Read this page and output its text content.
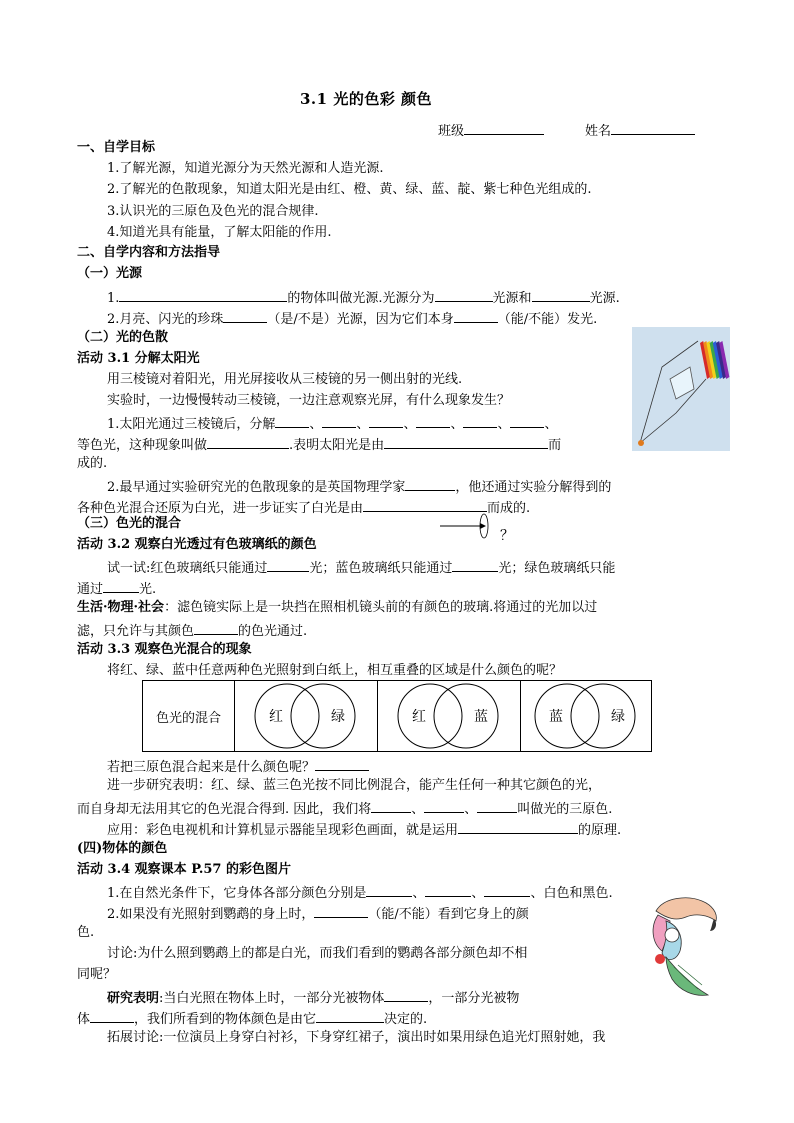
3.1 光的色彩 颜色
班级	姓名
一、自学目标
1.了解光源，知道光源分为天然光源和人造光源.
2.了解光的色散现象，知道太阳光是由红、橙、黄、绿、蓝、靛、紫七种色光组成的.
3.认识光的三原色及色光的混合规律.
4.知道光具有能量，了解太阳能的作用.
二、自学内容和方法指导
（一）光源
1.	的物体叫做光源.光源分为	光源和	光源.
2.月亮、闪光的珍珠	（是/不是）光源，因为它们本身	（能/不能）发光.
（二）光的色散
活动 3.1 分解太阳光
用三棱镜对着阳光，用光屏接收从三棱镜的另一侧出射的光线.
实验时，一边慢慢转动三棱镜，一边注意观察光屏，有什么现象发生？
1.太阳光通过三棱镜后，分解	、	、	、	、	、	、
等色光，这种现象叫做	.表明太阳光是由	而
成的.
2.最早通过实验研究光的色散现象的是英国物理学家	，他还通过实验分解得到的
各种色光混合还原为白光，进一步证实了白光是由	而成的.
（三）色光的混合
？
活动 3.2 观察白光透过有色玻璃纸的颜色
试一试:红色玻璃纸只能通过	光；蓝色玻璃纸只能通过	光；绿色玻璃纸只能
通过	光.
生活·物理·社会：滤色镜实际上是一块挡在照相机镜头前的有颜色的玻璃.将通过的光加以过
滤，只允许与其颜色	的色光通过.
活动 3.3 观察色光混合的现象
将红、绿、蓝中任意两种色光照射到白纸上，相互重叠的区域是什么颜色的呢？
色光的混合	红	绿	红	蓝	蓝	绿
若把三原色混合起来是什么颜色呢？
进一步研究表明：红、绿、蓝三色光按不同比例混合，能产生任何一种其它颜色的光，
而自身却无法用其它的色光混合得到. 因此，我们将	、	、	叫做光的三原色.
应用：彩色电视机和计算机显示器能呈现彩色画面，就是运用	的原理.
(四)物体的颜色
活动 3.4 观察课本 P.57 的彩色图片
1.在自然光条件下，它身体各部分颜色分别是	、	、	、白色和黑色.
2.如果没有光照射到鹦鹉的身上时，	（能/不能）看到它身上的颜
色.
讨论:为什么照到鹦鹉上的都是白光，而我们看到的鹦鹉各部分颜色却不相
同呢？
研究表明:当白光照在物体上时，一部分光被物体	，一部分光被物
体	，我们所看到的物体颜色是由它	决定的.
拓展讨论:一位演员上身穿白衬衫，下身穿红裙子，演出时如果用绿色追光灯照射她，我
